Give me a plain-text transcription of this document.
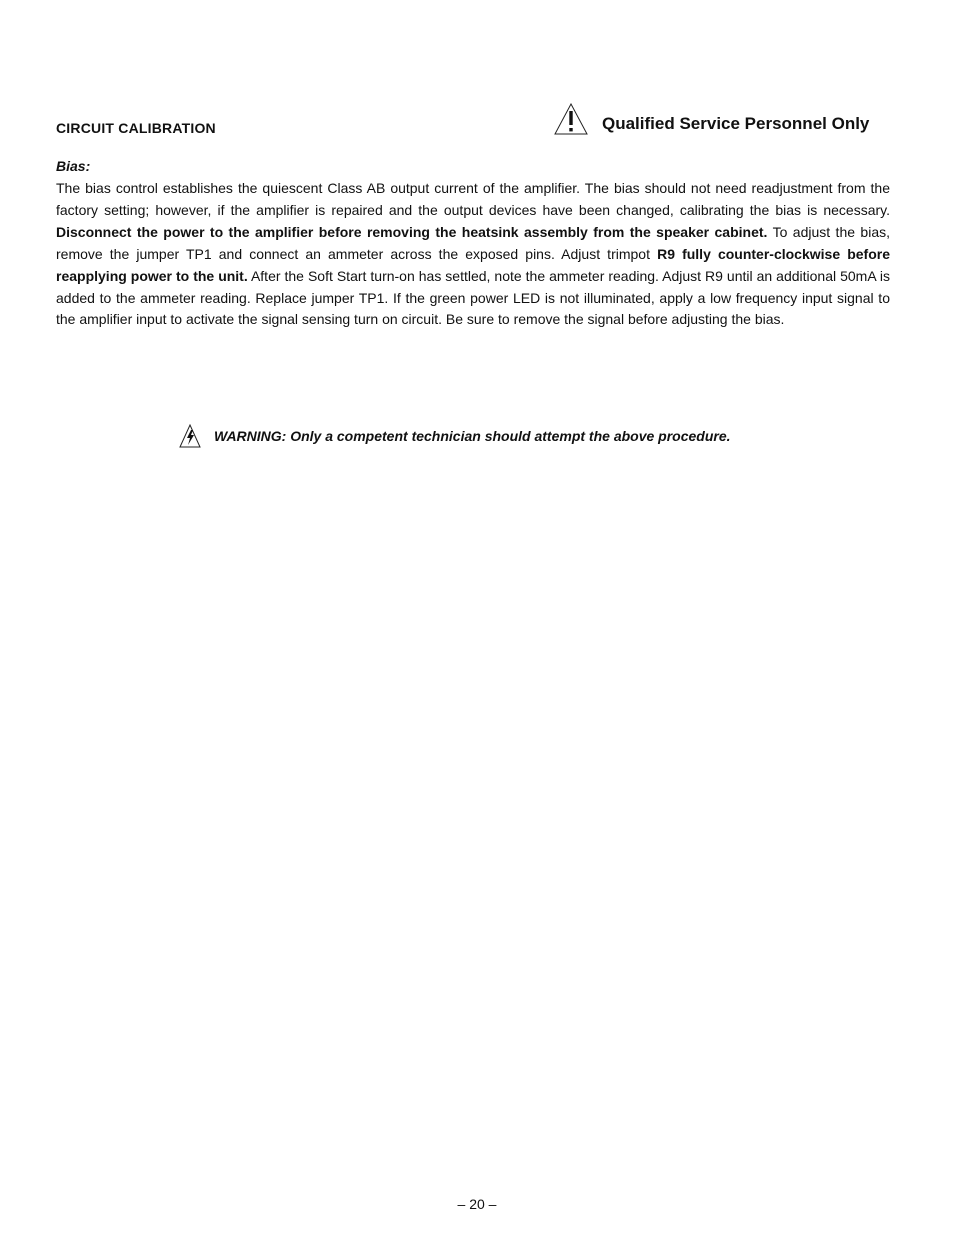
CIRCUIT CALIBRATION	Qualified Service Personnel Only
Bias:

The bias control establishes the quiescent Class AB output current of the amplifier. The bias should not need readjustment from the factory setting; however, if the amplifier is repaired and the output devices have been changed, calibrating the bias is necessary. Disconnect the power to the amplifier before removing the heatsink assembly from the speaker cabinet. To adjust the bias, remove the jumper TP1 and connect an ammeter across the exposed pins. Adjust trimpot R9 fully counter-clockwise before reapplying power to the unit. After the Soft Start turn-on has settled, note the ammeter reading. Adjust R9 until an additional 50mA is added to the ammeter reading. Replace jumper TP1. If the green power LED is not illuminated, apply a low frequency input signal to the amplifier input to activate the signal sensing turn on circuit. Be sure to remove the signal before adjusting the bias.

WARNING: Only a competent technician should attempt the above procedure.
– 20 –
